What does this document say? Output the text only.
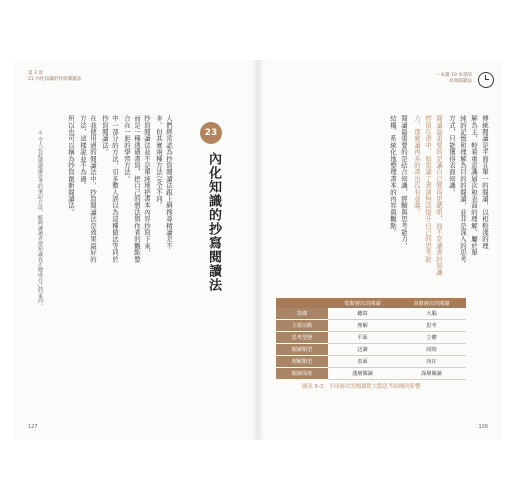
第 3 章
21 內化知識的抄寫閱讀法
23
內化知識的抄寫閱讀法
人們經常認為抄寫閱讀法跟上網搜尋精讀差不
多。但其實兩種方法完全不同。
抄寫閱讀法並不是單純地把書本內容抄寫下來，
而是一種透過書寫，把自己的想法與作者的觀點整
合在一起的學習方法。
中一部分的方法，引多數人誤以為這種做法等同於
抄寫閱讀法。
在我使用過的閱讀法中，抄寫閱讀法是效果最好的
方法，這樣說並不為過。
所以也可以稱為抄寫創新閱讀法。
＊ 令人在此邊讀邊思考的筆記方法，能夠讓讀者把知識真正變成自己的東西。
127
一本讀 10 本書的
高效閱讀法
傳統閱讀是平面且單一的閱讀，以相較淺的理
解為主，較着重意識層次和表面的理解。屬於單
純的記憶和理解為目的的閱讀，並非是深入的思考
方式，只能獲得表面知識。
閱讀最重要的是讓自己變得更聰明，而不是讓書的知識
停留在書中，如果讀了書卻無法提升自己的思考能
力，那麼讀再多的書也沒有意義。
閱讀最重要的是結合知識、經驗與思考能力，
結構、系統化地整理書本的內容與觀點。
	低階層次的閱讀	高階層次的閱讀
基礎	聽寫	大腦
主要活動	理解	思考
思考型態	平面	立體
閱讀類型	泛讀	同時
理解類型	表面	內在
閱讀深度	淺層閱讀	深層閱讀
圖表 5-3　不同層次的閱讀對大腦思考結構的影響
126
